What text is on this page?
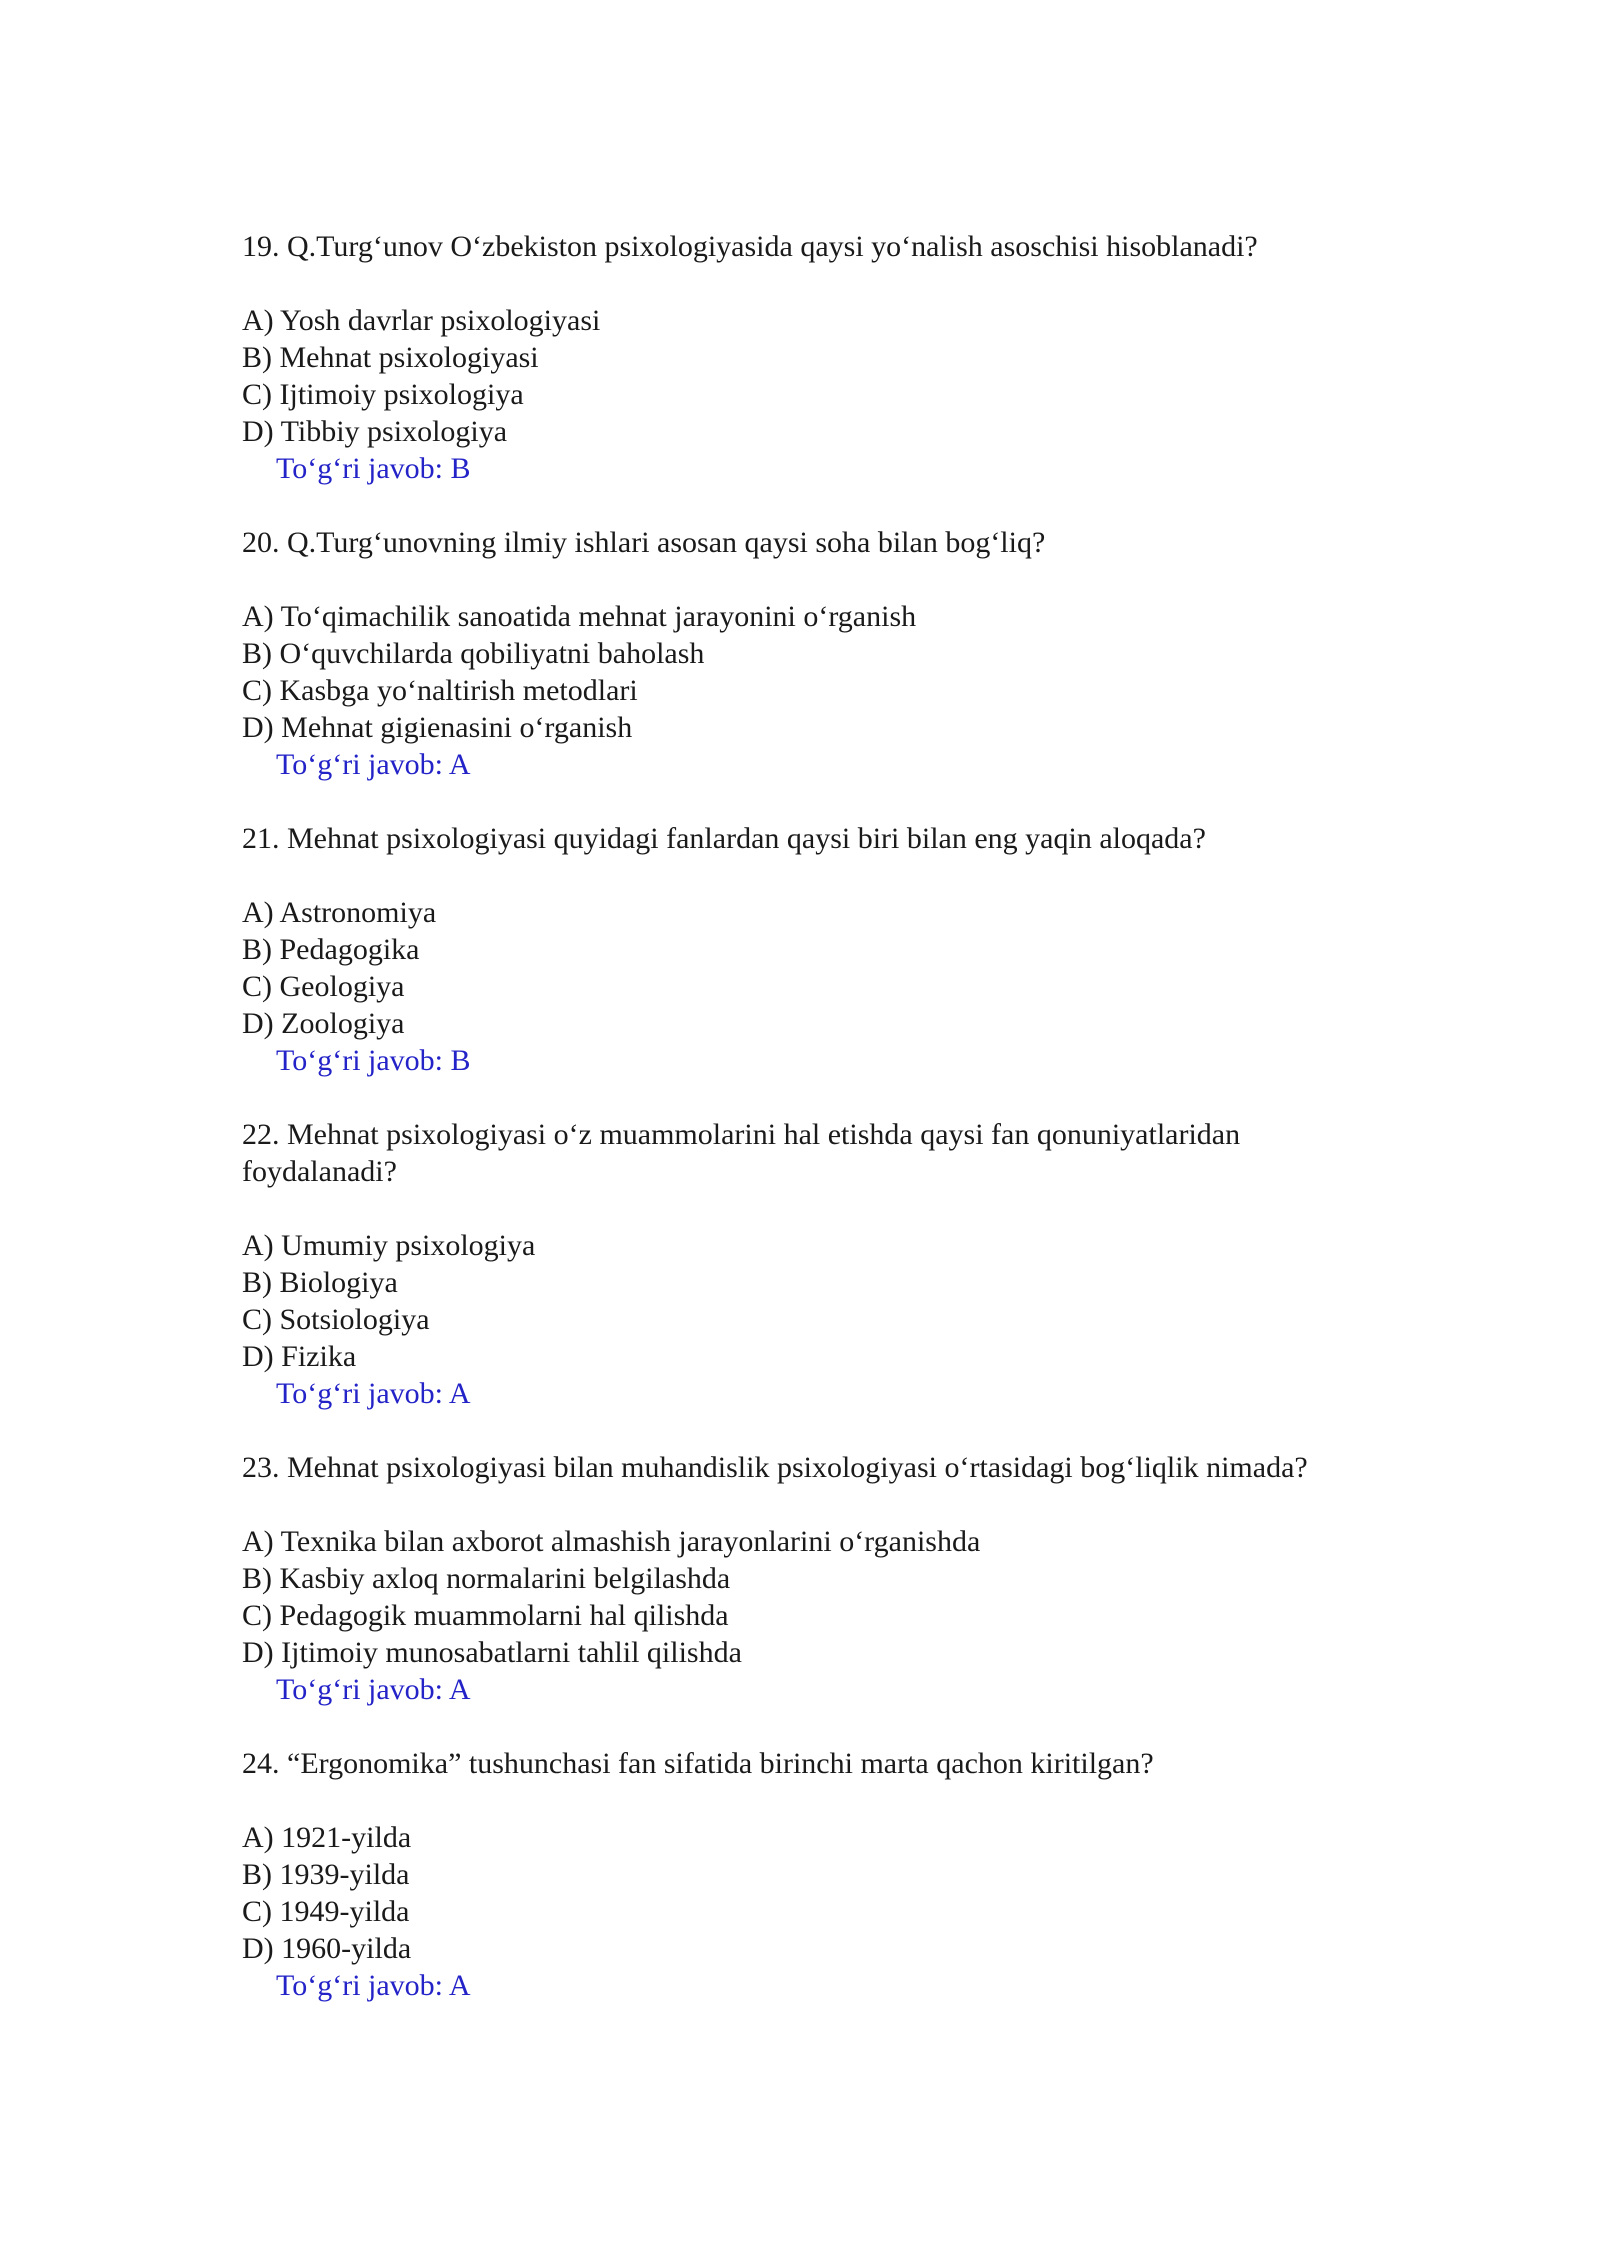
19. Q.Turg‘unov O‘zbekiston psixologiyasida qaysi yo‘nalish asoschisi hisoblanadi?

A) Yosh davrlar psixologiyasi

B) Mehnat psixologiyasi

C) Ijtimoiy psixologiya

D) Tibbiy psixologiya

To‘g‘ri javob: B

20. Q.Turg‘unovning ilmiy ishlari asosan qaysi soha bilan bog‘liq?

A) To‘qimachilik sanoatida mehnat jarayonini o‘rganish

B) O‘quvchilarda qobiliyatni baholash

C) Kasbga yo‘naltirish metodlari

D) Mehnat gigienasini o‘rganish

To‘g‘ri javob: A

21. Mehnat psixologiyasi quyidagi fanlardan qaysi biri bilan eng yaqin aloqada?

A) Astronomiya

B) Pedagogika

C) Geologiya

D) Zoologiya

To‘g‘ri javob: B

22. Mehnat psixologiyasi o‘z muammolarini hal etishda qaysi fan qonuniyatlaridan foydalanadi?

A) Umumiy psixologiya

B) Biologiya

C) Sotsiologiya

D) Fizika

To‘g‘ri javob: A

23. Mehnat psixologiyasi bilan muhandislik psixologiyasi o‘rtasidagi bog‘liqlik nimada?

A) Texnika bilan axborot almashish jarayonlarini o‘rganishda

B) Kasbiy axloq normalarini belgilashda

C) Pedagogik muammolarni hal qilishda

D) Ijtimoiy munosabatlarni tahlil qilishda

To‘g‘ri javob: A

24. “Ergonomika” tushunchasi fan sifatida birinchi marta qachon kiritilgan?

A) 1921-yilda

B) 1939-yilda

C) 1949-yilda

D) 1960-yilda

To‘g‘ri javob: A
